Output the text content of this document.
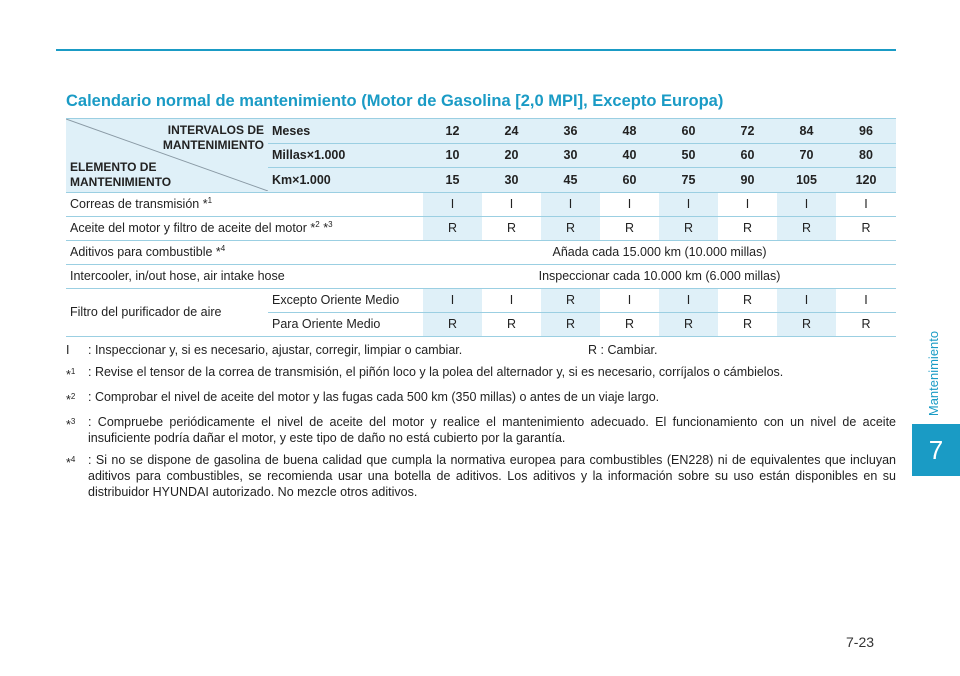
Mantenimiento
7
Calendario normal de mantenimiento (Motor de Gasolina [2,0 MPI], Excepto Europa)
INTERVALOS DE
MANTENIMIENTO
ELEMENTO DE
MANTENIMIENTO	Meses	12	24	36	48	60	72	84	96
	Millas×1.000	10	20	30	40	50	60	70	80
	Km×1.000	15	30	45	60	75	90	105	120
Correas de transmisión *$^1$		I	I	I	I	I	I	I	I
Aceite del motor y filtro de aceite del motor *$^2$ *$^3$		R	R	R	R	R	R	R	R
Aditivos para combustible *$^4$		Añada cada 15.000 km (10.000 millas)							
Intercooler, in/out hose, air intake hose		Inspeccionar cada 10.000 km (6.000 millas)							
Filtro del purificador de aire	Excepto Oriente Medio	I	I	R	I	I	R	I	I
	Para Oriente Medio	R	R	R	R	R	R	R	R
I	: Inspeccionar y, si es necesario, ajustar, corregir, limpiar o cambiar.	R : Cambiar.
*$^1$	: Revise el tensor de la correa de transmisión, el piñón loco y la polea del alternador y, si es necesario, corríjalos o cámbielos.
*$^2$	: Comprobar el nivel de aceite del motor y las fugas cada 500 km (350 millas) o antes de un viaje largo.
*$^3$	: Compruebe periódicamente el nivel de aceite del motor y realice el mantenimiento adecuado. El funcionamiento con un nivel de aceite insuficiente podría dañar el motor, y este tipo de daño no está cubierto por la garantía.
*$^4$	: Si no se dispone de gasolina de buena calidad que cumpla la normativa europea para combustibles (EN228) ni de equivalentes que incluyan aditivos para combustibles, se recomienda usar una botella de aditivos. Los aditivos y la información sobre su uso están disponibles en su distribuidor HYUNDAI autorizado. No mezcle otros aditivos.
7-23
